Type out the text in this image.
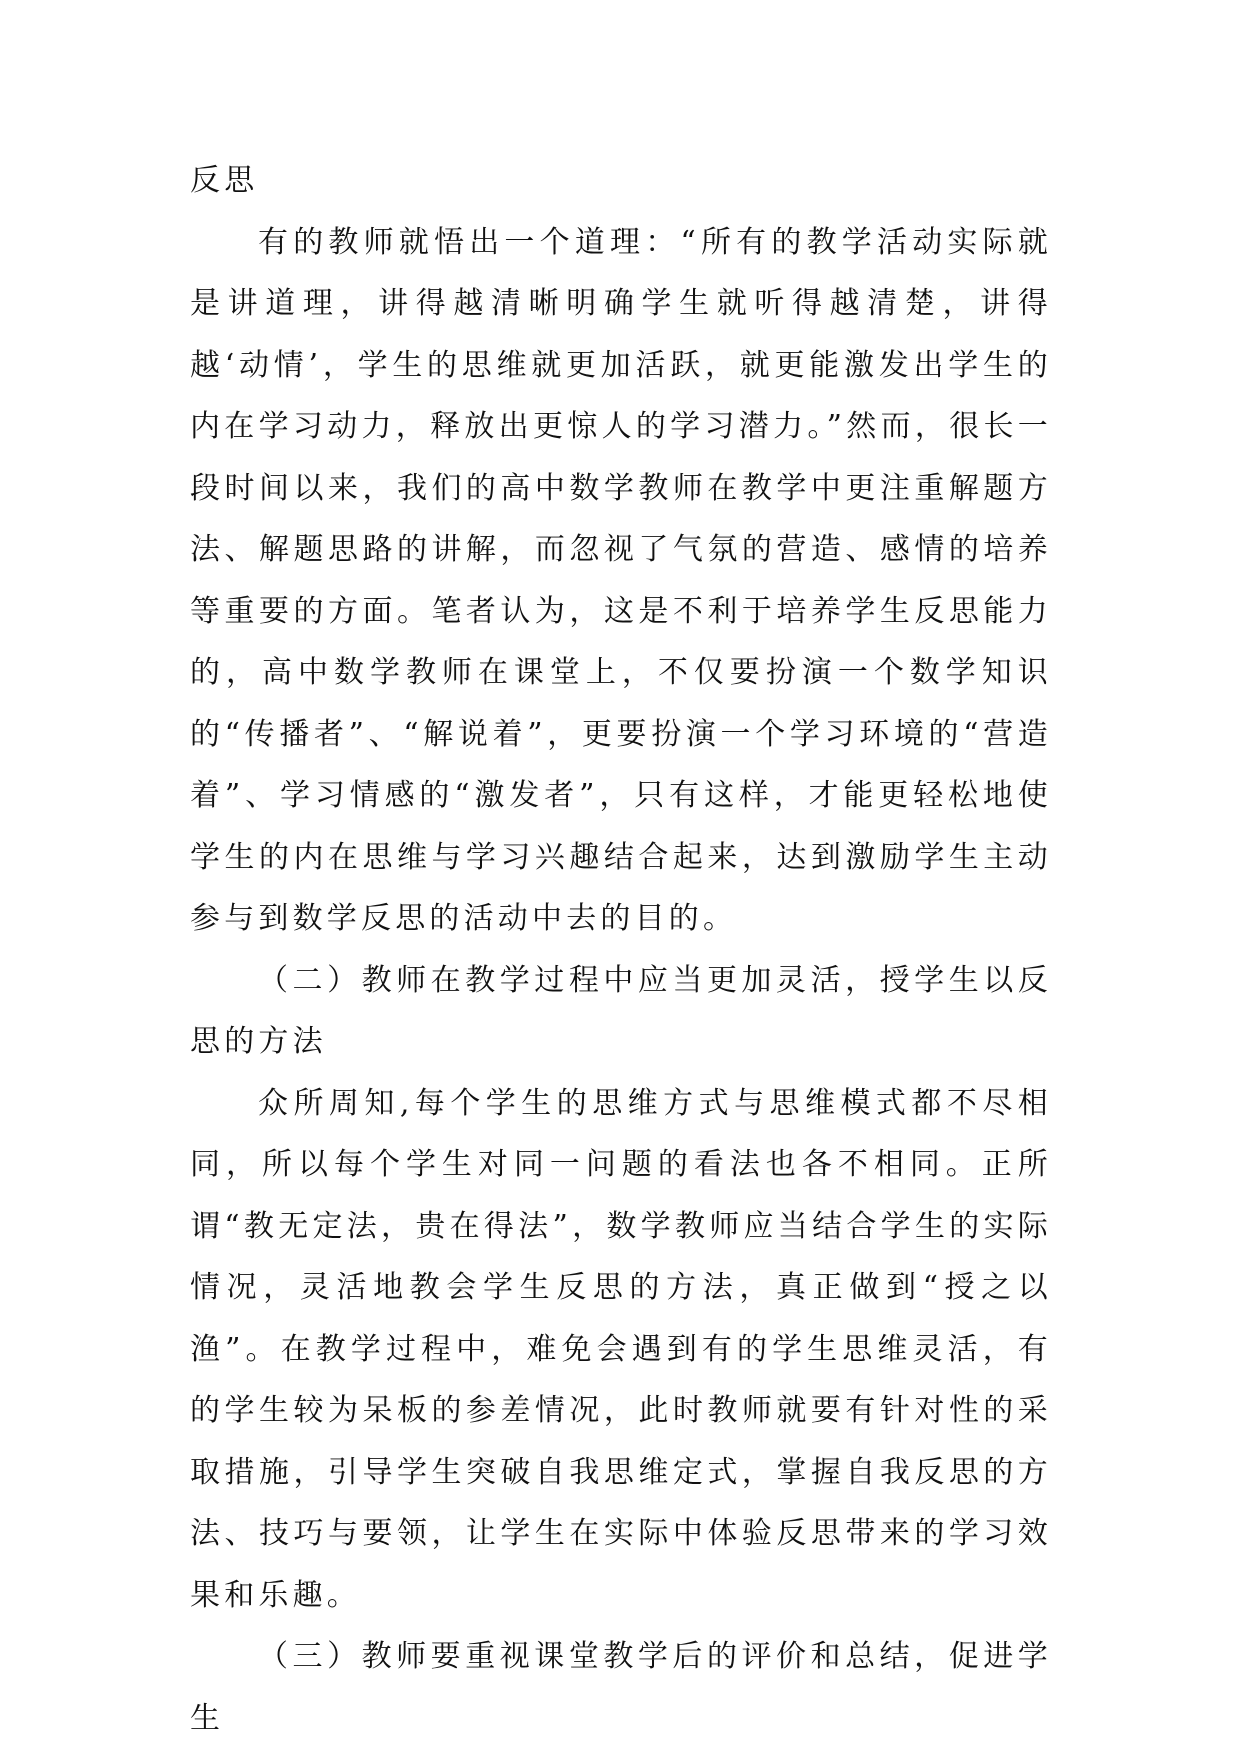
反思

有的教师就悟出一个道理：“所有的教学活动实际就是讲道理，讲得越清晰明确学生就听得越清楚，讲得越‘动情’，学生的思维就更加活跃，就更能激发出学生的内在学习动力，释放出更惊人的学习潜力。”然而，很长一段时间以来，我们的高中数学教师在教学中更注重解题方法、解题思路的讲解，而忽视了气氛的营造、感情的培养等重要的方面。笔者认为，这是不利于培养学生反思能力的，高中数学教师在课堂上，不仅要扮演一个数学知识的“传播者”、“解说着”，更要扮演一个学习环境的“营造着”、学习情感的“激发者”，只有这样，才能更轻松地使学生的内在思维与学习兴趣结合起来，达到激励学生主动参与到数学反思的活动中去的目的。

（二）教师在教学过程中应当更加灵活，授学生以反思的方法

众所周知,每个学生的思维方式与思维模式都不尽相同，所以每个学生对同一问题的看法也各不相同。正所谓“教无定法，贵在得法”，数学教师应当结合学生的实际情况，灵活地教会学生反思的方法，真正做到“授之以渔”。在教学过程中，难免会遇到有的学生思维灵活，有的学生较为呆板的参差情况，此时教师就要有针对性的采取措施，引导学生突破自我思维定式，掌握自我反思的方法、技巧与要领，让学生在实际中体验反思带来的学习效果和乐趣。

（三）教师要重视课堂教学后的评价和总结，促进学生
